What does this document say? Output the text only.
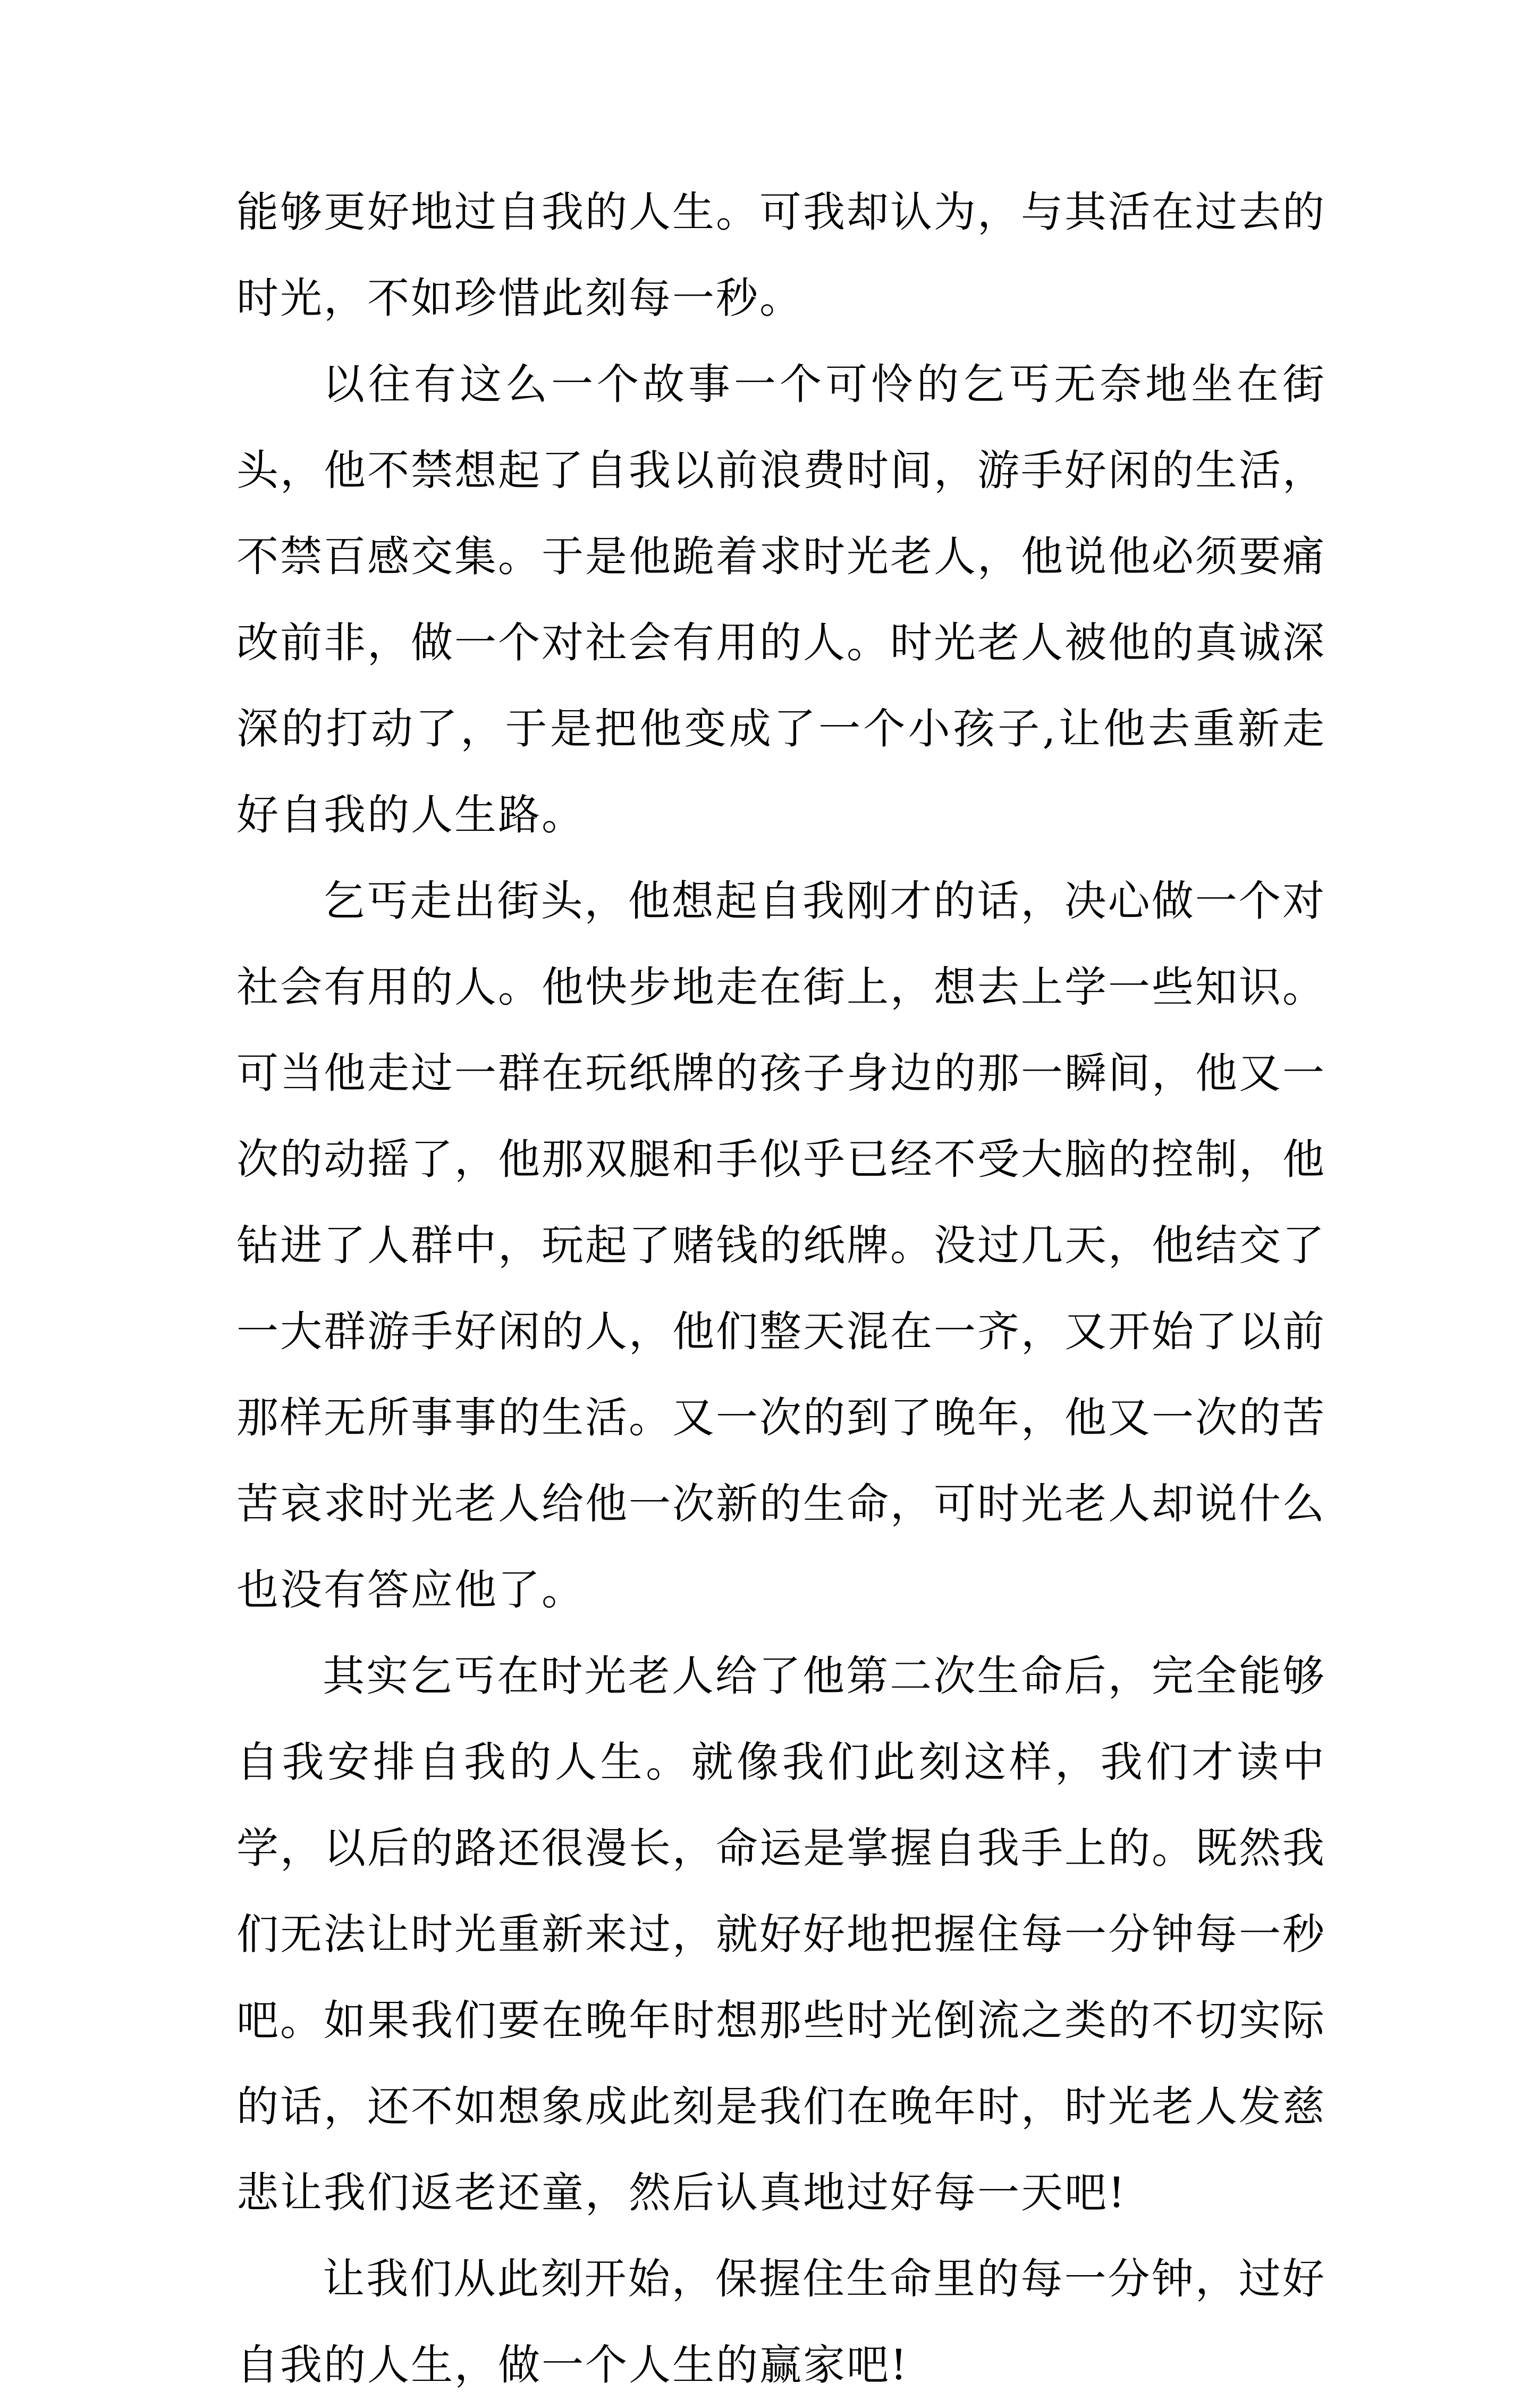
能够更好地过自我的人生。可我却认为，与其活在过去的时光，不如珍惜此刻每一秒。

以往有这么一个故事一个可怜的乞丐无奈地坐在街头，他不禁想起了自我以前浪费时间，游手好闲的生活，不禁百感交集。于是他跪着求时光老人，他说他必须要痛改前非，做一个对社会有用的人。时光老人被他的真诚深深的打动了，于是把他变成了一个小孩子,让他去重新走好自我的人生路。

乞丐走出街头，他想起自我刚才的话，决心做一个对社会有用的人。他快步地走在街上，想去上学一些知识。可当他走过一群在玩纸牌的孩子身边的那一瞬间，他又一次的动摇了，他那双腿和手似乎已经不受大脑的控制，他钻进了人群中，玩起了赌钱的纸牌。没过几天，他结交了一大群游手好闲的人，他们整天混在一齐，又开始了以前那样无所事事的生活。又一次的到了晚年，他又一次的苦苦哀求时光老人给他一次新的生命，可时光老人却说什么也没有答应他了。

其实乞丐在时光老人给了他第二次生命后，完全能够自我安排自我的人生。就像我们此刻这样，我们才读中学，以后的路还很漫长，命运是掌握自我手上的。既然我们无法让时光重新来过，就好好地把握住每一分钟每一秒吧。如果我们要在晚年时想那些时光倒流之类的不切实际的话，还不如想象成此刻是我们在晚年时，时光老人发慈悲让我们返老还童，然后认真地过好每一天吧!

让我们从此刻开始，保握住生命里的每一分钟，过好自我的人生，做一个人生的赢家吧!
